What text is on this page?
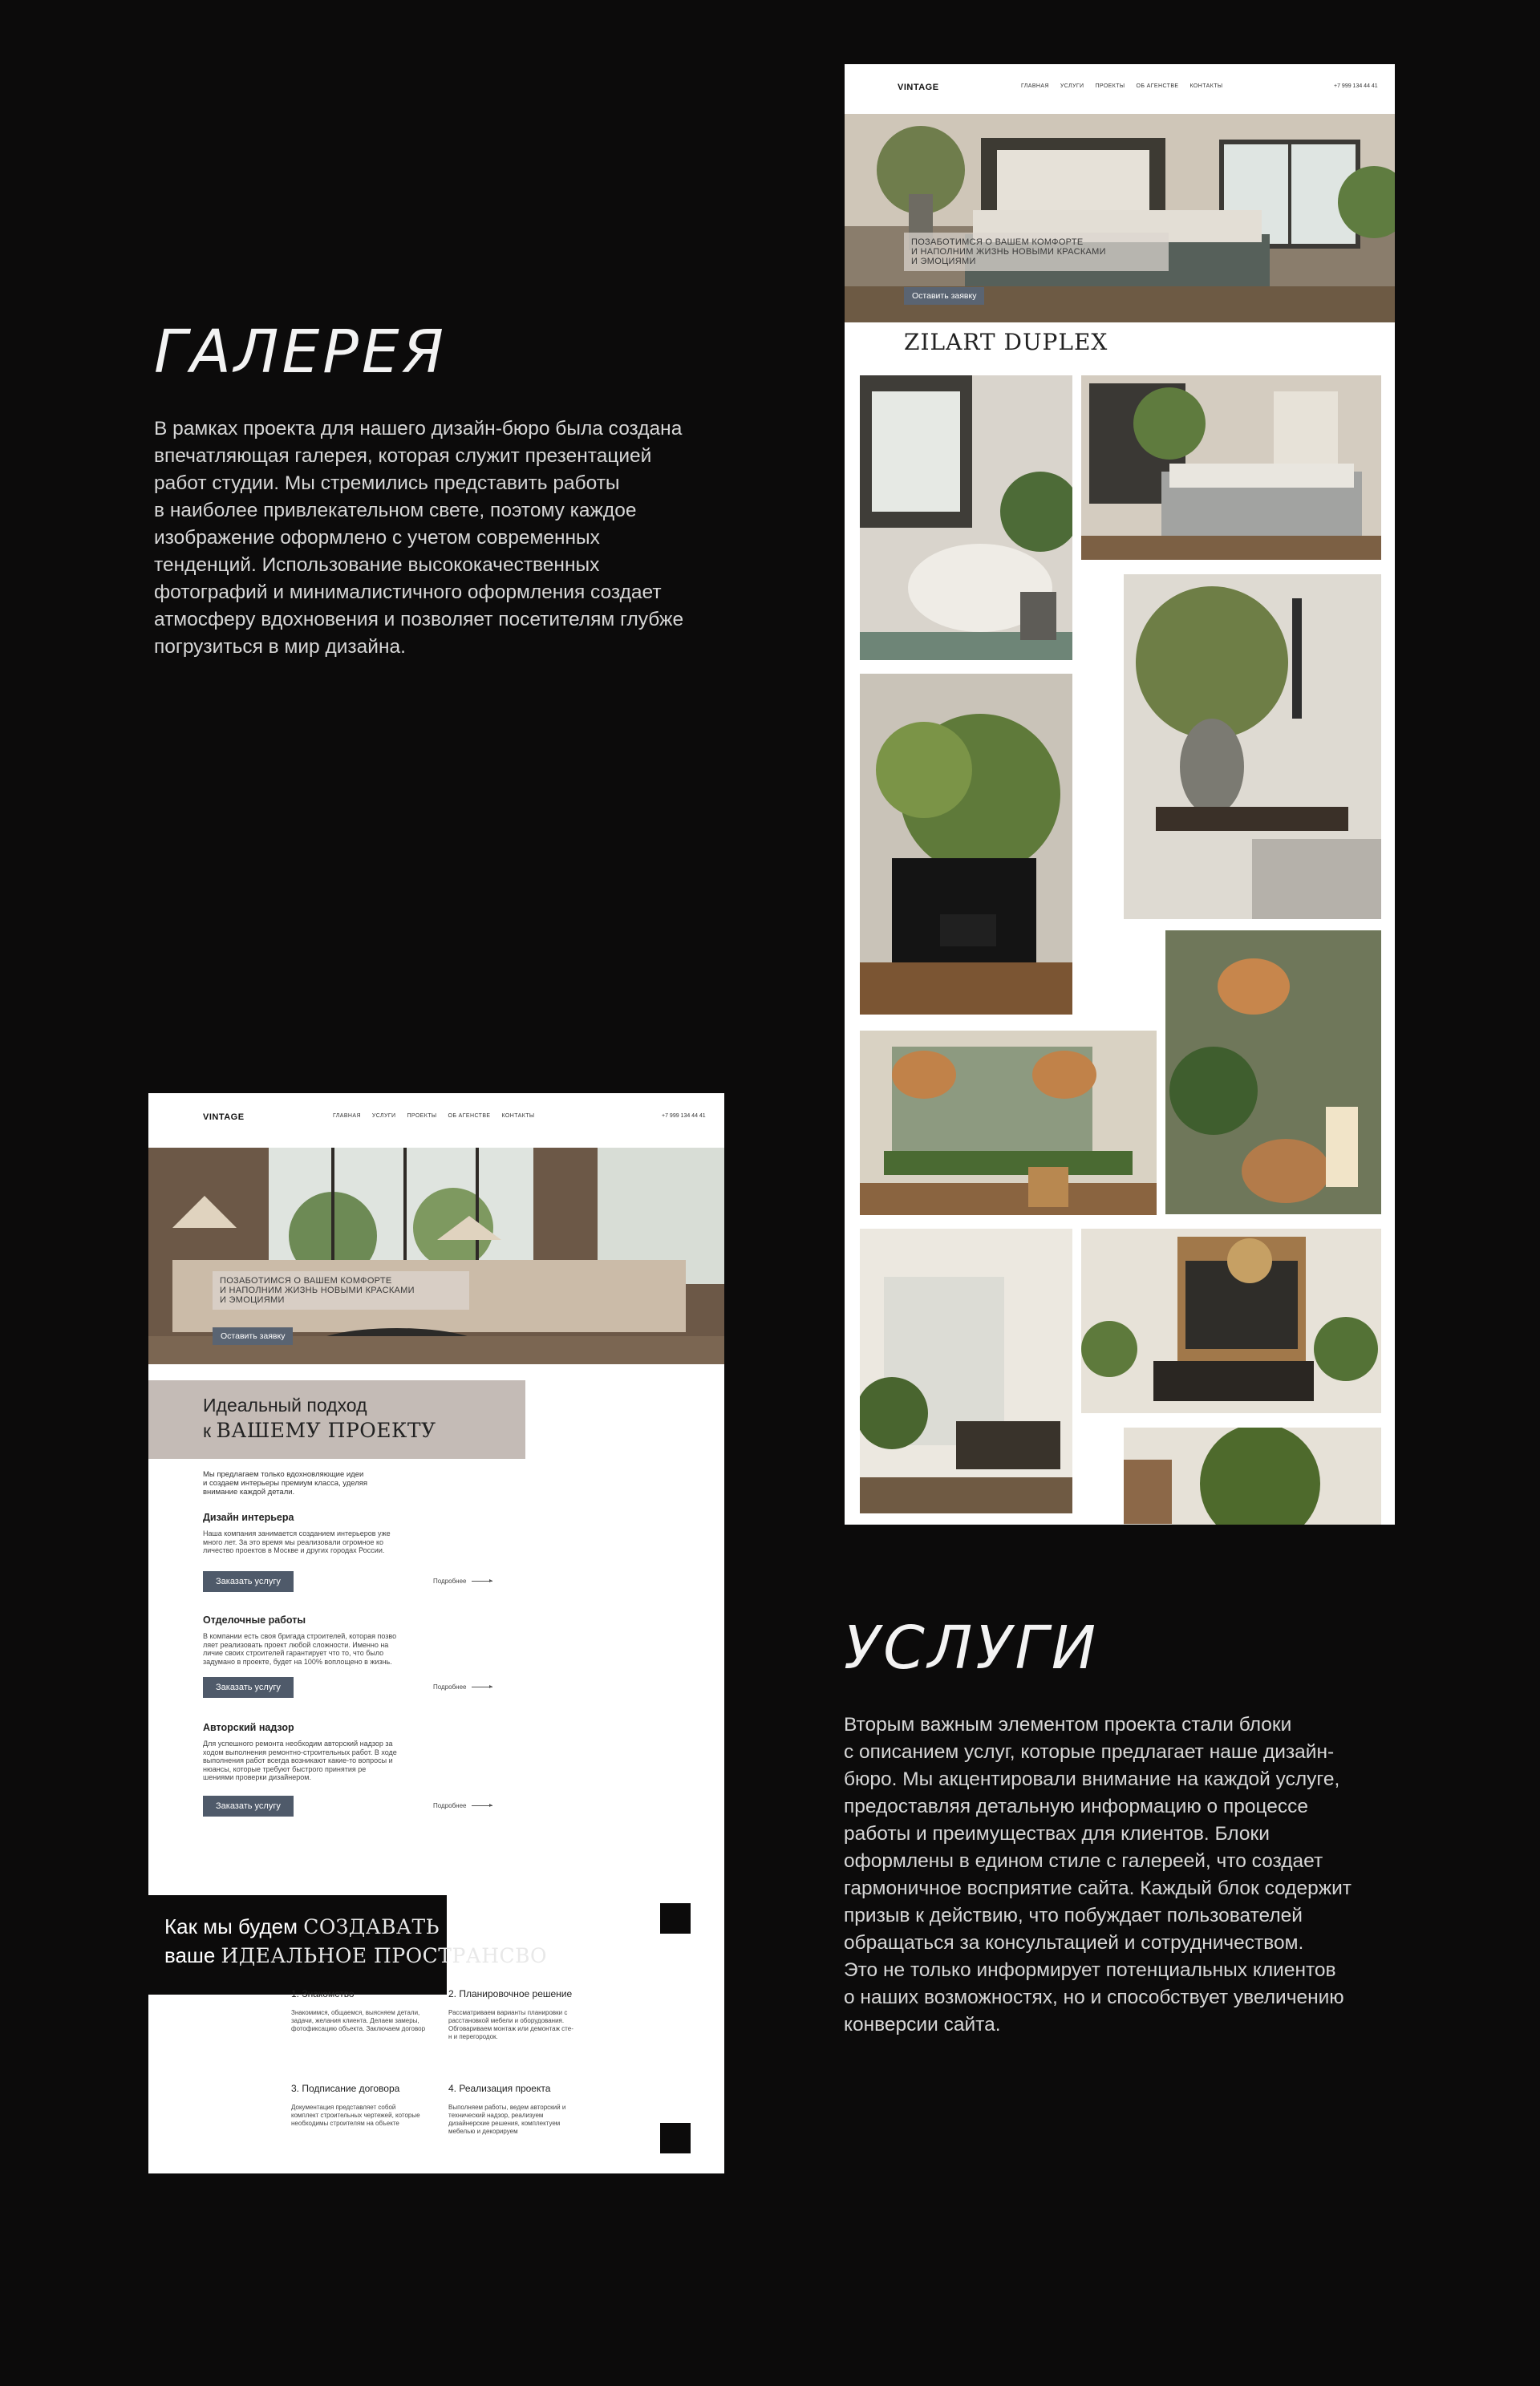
ГАЛЕРЕЯ
В рамках проекта для нашего дизайн-бюро была создана
впечатляющая галерея, которая служит презентацией
работ студии. Мы стремились представить работы
в наиболее привлекательном свете, поэтому каждое
изображение оформлено с учетом современных
тенденций. Использование высококачественных
фотографий и минималистичного оформления создает
атмосферу вдохновения и позволяет посетителям глубже
погрузиться в мир дизайна.
УСЛУГИ
Вторым важным элементом проекта стали блоки
с описанием услуг, которые предлагает наше дизайн-
бюро. Мы акцентировали внимание на каждой услуге,
предоставляя детальную информацию о процессе
работы и преимуществах для клиентов. Блоки
оформлены в едином стиле с галереей, что создает
гармоничное восприятие сайта. Каждый блок содержит
призыв к действию, что побуждает пользователей
обращаться за консультацией и сотрудничеством.
Это не только информирует потенциальных клиентов
о наших возможностях, но и способствует увеличению
конверсии сайта.
VINTAGE	ГЛАВНАЯ УСЛУГИ ПРОЕКТЫ ОБ АГЕНСТВЕ КОНТАКТЫ	+7 999 134 44 41
ПОЗАБОТИМСЯ О ВАШЕМ КОМФОРТЕ
И НАПОЛНИМ ЖИЗНЬ НОВЫМИ КРАСКАМИ
И ЭМОЦИЯМИ
Оставить заявку
ZILART DUPLEX
VINTAGE	ГЛАВНАЯ УСЛУГИ ПРОЕКТЫ ОБ АГЕНСТВЕ КОНТАКТЫ	+7 999 134 44 41
ПОЗАБОТИМСЯ О ВАШЕМ КОМФОРТЕ
И НАПОЛНИМ ЖИЗНЬ НОВЫМИ КРАСКАМИ
И ЭМОЦИЯМИ
Оставить заявку
Идеальный подход
к ВАШЕМУ ПРОЕКТУ
Мы предлагаем только вдохновляющие идеи
и создаем интерьеры премиум класса, уделяя
внимание каждой детали.
Дизайн интерьера
Наша компания занимается созданием интерьеров уже
много лет. За это время мы реализовали огромное ко
личество проектов в Москве и других городах России.
Заказать услугу	Подробнее
Отделочные работы
В компании есть своя бригада строителей, которая позво
ляет реализовать проект любой сложности. Именно на
личие своих строителей гарантирует что то, что было
задумано в проекте, будет на 100% воплощено в жизнь.
Заказать услугу	Подробнее
Авторский надзор
Для успешного ремонта необходим авторский надзор за
ходом выполнения ремонтно-строительных работ. В ходе
выполнения работ всегда возникают какие-то вопросы и
нюансы, которые требуют быстрого принятия ре
шениями проверки дизайнером.
Заказать услугу	Подробнее
Как мы будем СОЗДАВАТЬ
ваше ИДЕАЛЬНОЕ ПРОСТРАНСВО
1. Знакомство
Знакомимся, общаемся, выясняем детали,
задачи, желания клиента. Делаем замеры,
фотофиксацию объекта. Заключаем договор
2. Планировочное решение
Рассматриваем варианты планировки с
расстановкой мебели и оборудования.
Обговариваем монтаж или демонтаж сте-
н и перегородок.
3. Подписание договора
Документация представляет собой
комплект строительных чертежей, которые
необходимы строителям на объекте
4. Реализация проекта
Выполняем работы, ведем авторский и
технический надзор, реализуем
дизайнерские решения, комплектуем
мебелью и декорируем
